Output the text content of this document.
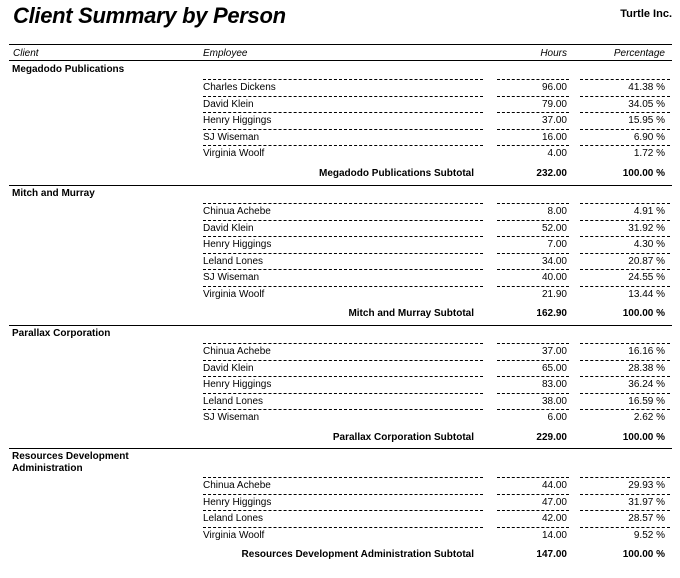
Client Summary by Person	Turtle Inc.
Client	Employee	Hours	Percentage
Megadodo Publications
Charles Dickens	96.00	41.38 %
David Klein	79.00	34.05 %
Henry Higgings	37.00	15.95 %
SJ Wiseman	16.00	6.90 %
Virginia Woolf	4.00	1.72 %
Megadodo Publications Subtotal	232.00	100.00 %
Mitch and Murray
Chinua Achebe	8.00	4.91 %
David Klein	52.00	31.92 %
Henry Higgings	7.00	4.30 %
Leland Lones	34.00	20.87 %
SJ Wiseman	40.00	24.55 %
Virginia Woolf	21.90	13.44 %
Mitch and Murray Subtotal	162.90	100.00 %
Parallax Corporation
Chinua Achebe	37.00	16.16 %
David Klein	65.00	28.38 %
Henry Higgings	83.00	36.24 %
Leland Lones	38.00	16.59 %
SJ Wiseman	6.00	2.62 %
Parallax Corporation Subtotal	229.00	100.00 %
Resources Development Administration
Chinua Achebe	44.00	29.93 %
Henry Higgings	47.00	31.97 %
Leland Lones	42.00	28.57 %
Virginia Woolf	14.00	9.52 %
Resources Development Administration Subtotal	147.00	100.00 %
